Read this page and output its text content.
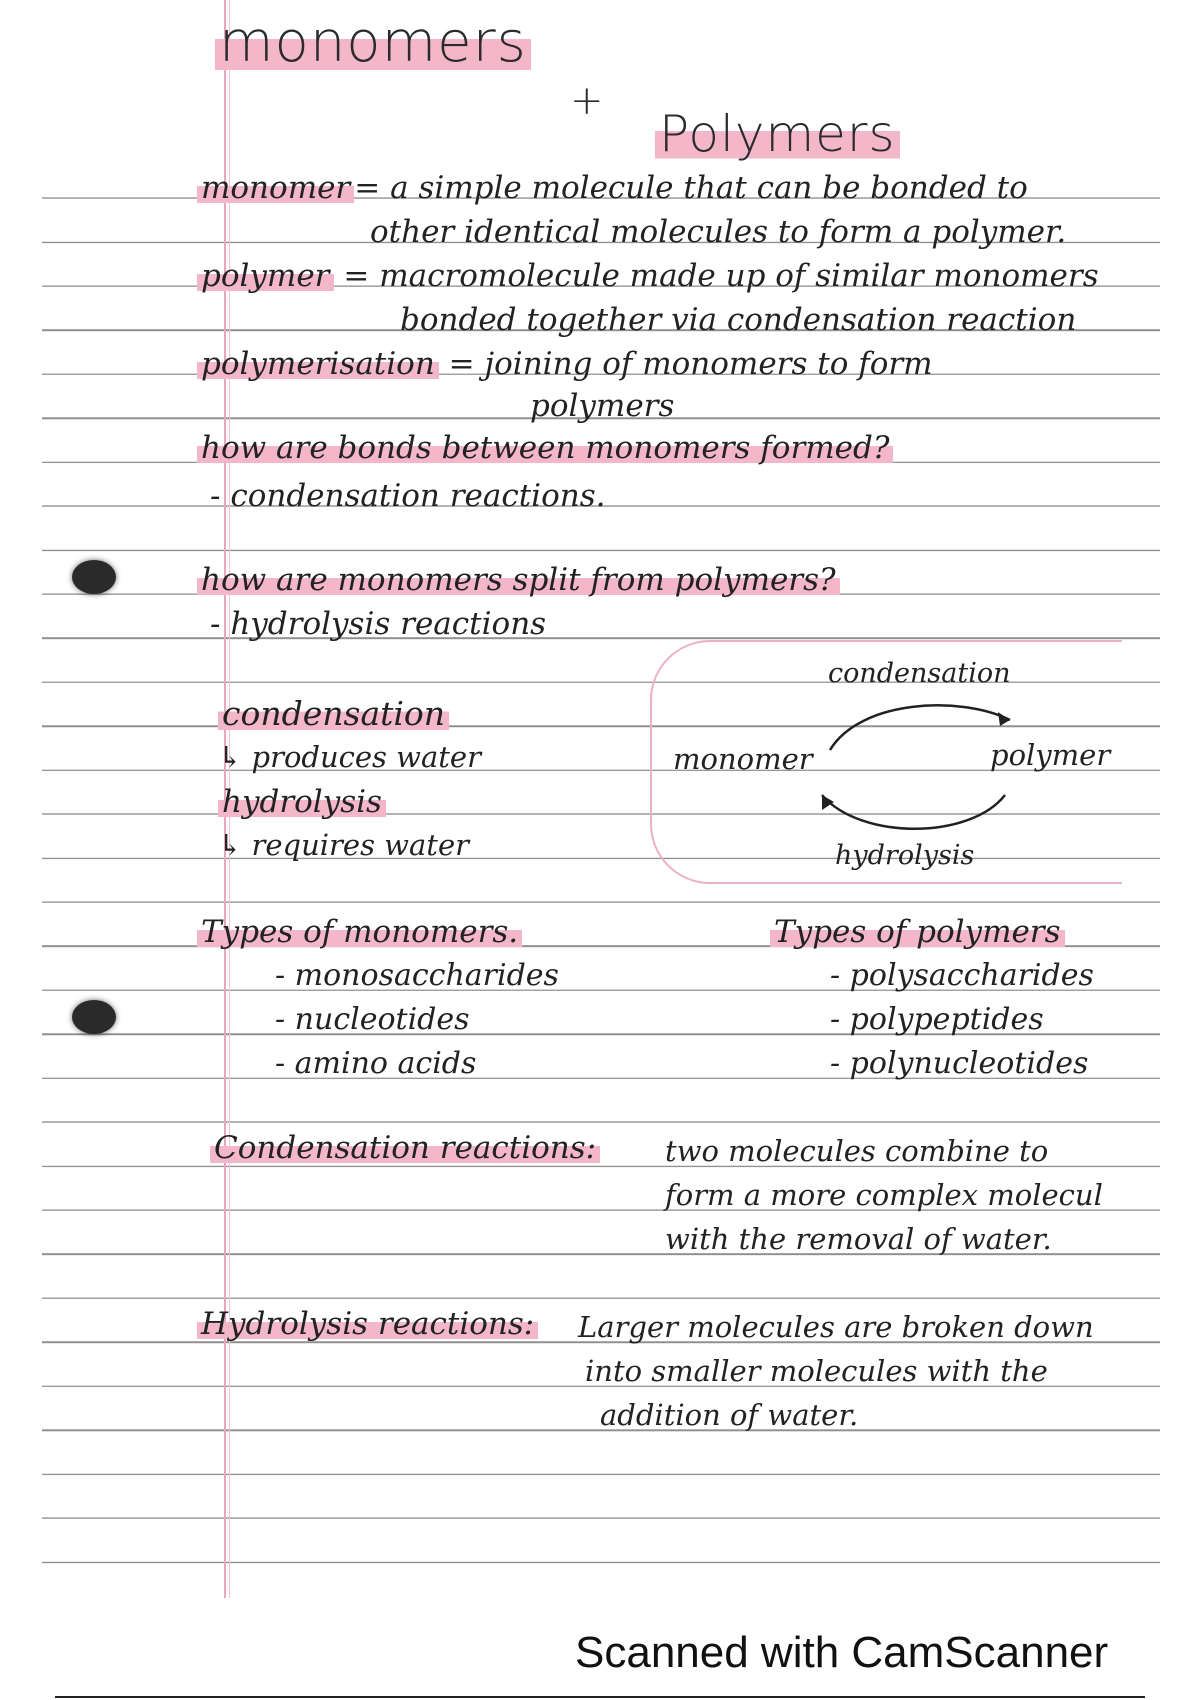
monomers
+
Polymers
monomer = a simple molecule that can be bonded to
other identical molecules to form a polymer.
polymer = macromolecule made up of similar monomers
bonded together via condensation reaction
polymerisation = joining of monomers to form
polymers
how are bonds between monomers formed?
- condensation reactions.
how are monomers split from polymers?
- hydrolysis reactions
condensation
↳ produces water
hydrolysis
↳ requires water
condensation
monomer	polymer
hydrolysis
Types of monomers.
- monosaccharides
- nucleotides
- amino acids
Types of polymers
- polysaccharides
- polypeptides
- polynucleotides
Condensation reactions: two molecules combine to
form a more complex molecul
with the removal of water.
Hydrolysis reactions: Larger molecules are broken down
into smaller molecules with the
addition of water.
Scanned with CamScanner
